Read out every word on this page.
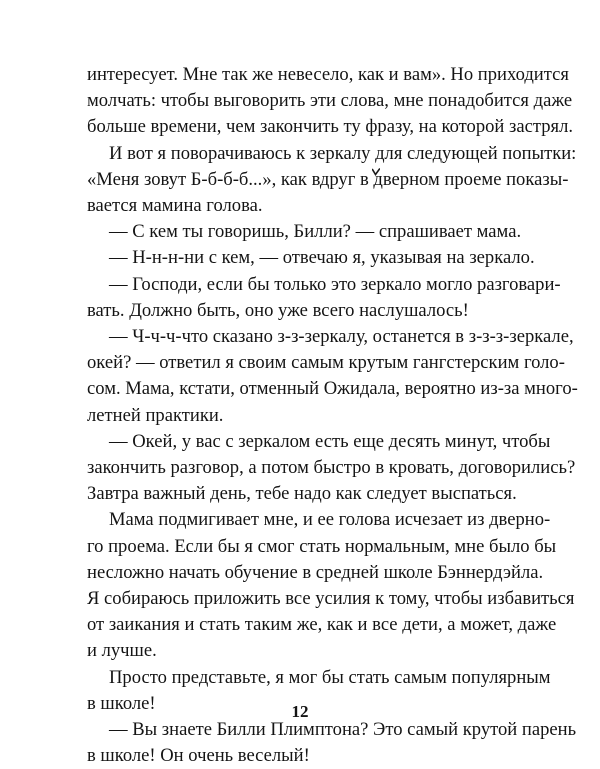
интересует. Мне так же невесело, как и вам». Но приходится
молчать: чтобы выговорить эти слова, мне понадобится даже
больше времени, чем закончить ту фразу, на которой застрял.
И вот я поворачиваюсь к зеркалу для следующей попытки:
«Меня зовут Б-б-б-б...», как вдруг в дверном проеме показы-
вается мамина голова.
— С кем ты говоришь, Билли? — спрашивает мама.
— Н-н-н-ни с кем, — отвечаю я, указывая на зеркало.
— Господи, если бы только это зеркало могло разговари-
вать. Должно быть, оно уже всего наслушалось!
— Ч-ч-ч-что сказано з-з-зеркалу, останется в з-з-з-зеркале,
окей? — ответил я своим самым крутым гангстерским голо-
сом. Мама, кстати, отменный Ожидала, вероятно из-за много-
летней практики.
— Окей, у вас с зеркалом есть еще десять минут, чтобы
закончить разговор, а потом быстро в кровать, договорились?
Завтра важный день, тебе надо как следует выспаться.
Мама подмигивает мне, и ее голова исчезает из дверно-
го проема. Если бы я смог стать нормальным, мне было бы
несложно начать обучение в средней школе Бэннердэйла.
Я собираюсь приложить все усилия к тому, чтобы избавиться
от заикания и стать таким же, как и все дети, а может, даже
и лучше.
Просто представьте, я мог бы стать самым популярным
в школе!
— Вы знаете Билли Плимптона? Это самый крутой парень
в школе! Он очень веселый!
12
